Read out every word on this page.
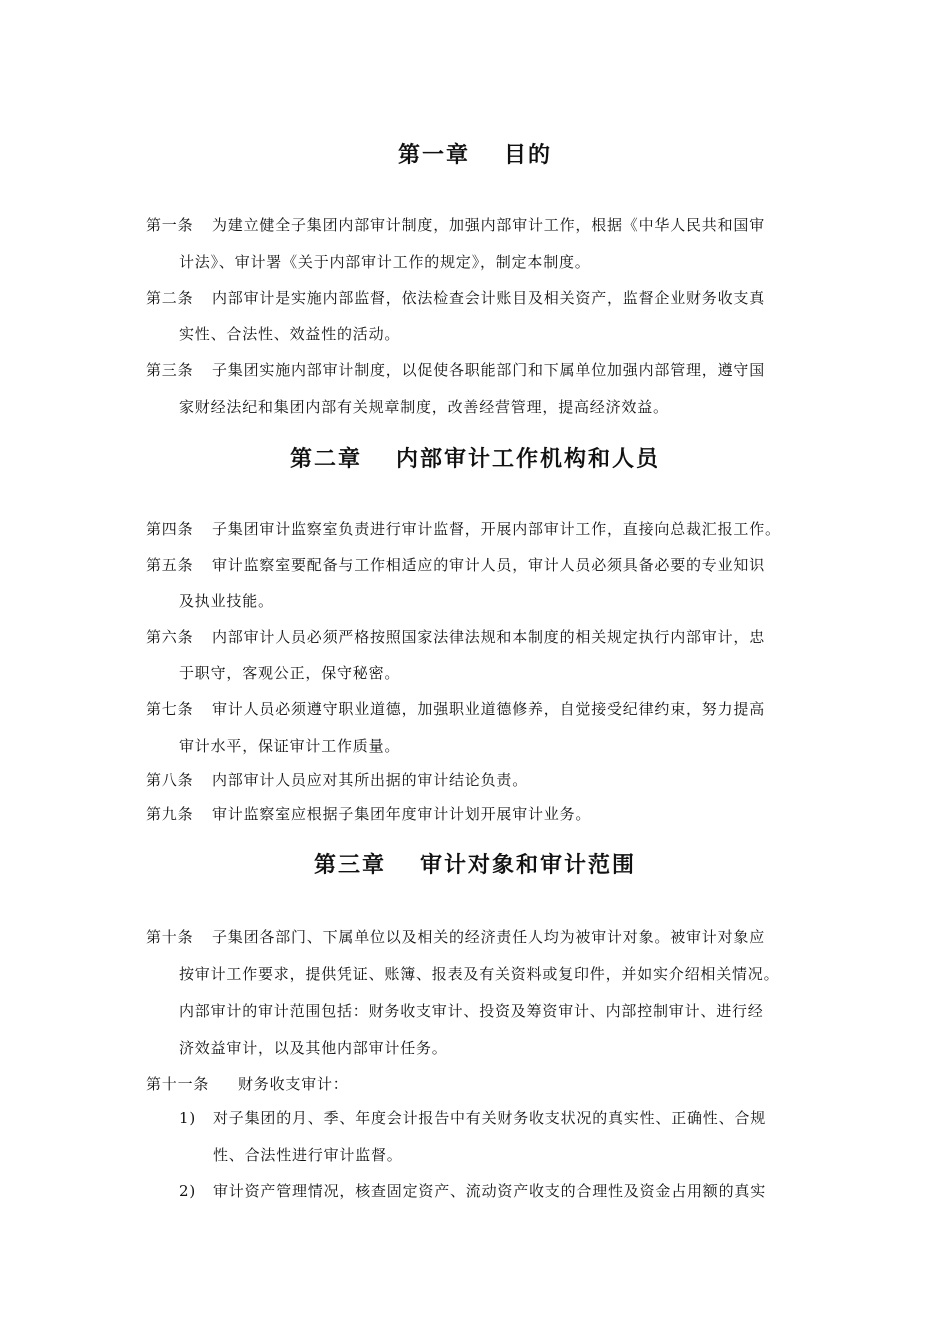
第一章 目的
第一条 为建立健全子集团内部审计制度，加强内部审计工作，根据《中华人民共和国审
计法》、审计署《关于内部审计工作的规定》，制定本制度。
第二条 内部审计是实施内部监督，依法检查会计账目及相关资产，监督企业财务收支真
实性、合法性、效益性的活动。
第三条 子集团实施内部审计制度，以促使各职能部门和下属单位加强内部管理，遵守国
家财经法纪和集团内部有关规章制度，改善经营管理，提高经济效益。
第二章 内部审计工作机构和人员
第四条 子集团审计监察室负责进行审计监督，开展内部审计工作，直接向总裁汇报工作。
第五条 审计监察室要配备与工作相适应的审计人员，审计人员必须具备必要的专业知识
及执业技能。
第六条 内部审计人员必须严格按照国家法律法规和本制度的相关规定执行内部审计，忠
于职守，客观公正，保守秘密。
第七条 审计人员必须遵守职业道德，加强职业道德修养，自觉接受纪律约束，努力提高
审计水平，保证审计工作质量。
第八条 内部审计人员应对其所出据的审计结论负责。
第九条 审计监察室应根据子集团年度审计计划开展审计业务。
第三章 审计对象和审计范围
第十条 子集团各部门、下属单位以及相关的经济责任人均为被审计对象。被审计对象应
按审计工作要求，提供凭证、账簿、报表及有关资料或复印件，并如实介绍相关情况。
内部审计的审计范围包括：财务收支审计、投资及筹资审计、内部控制审计、进行经
济效益审计，以及其他内部审计任务。
第十一条 财务收支审计：
1) 对子集团的月、季、年度会计报告中有关财务收支状况的真实性、正确性、合规
性、合法性进行审计监督。
2) 审计资产管理情况，核查固定资产、流动资产收支的合理性及资金占用额的真实
